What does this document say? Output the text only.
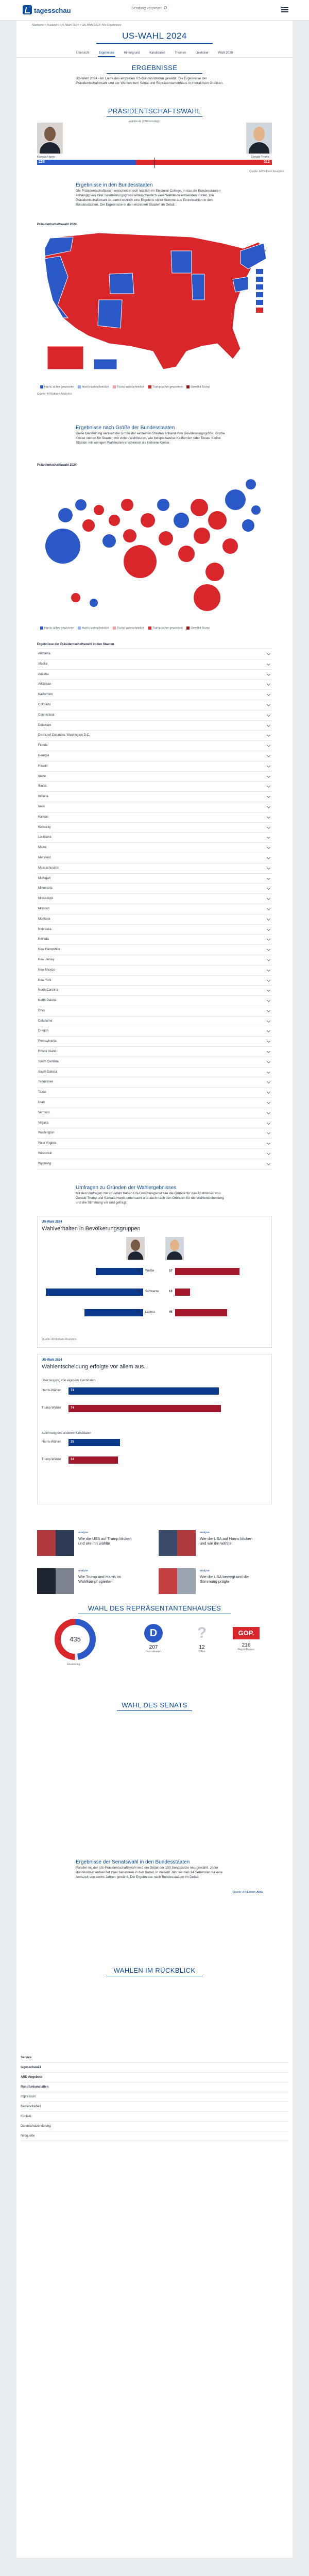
tagesschau	Sendung verpasst?
Startseite > Ausland > US-Wahl 2024 > US-Wahl 2024: Alle Ergebnisse
US-WAHL 2024
Übersicht	Ergebnisse	Hintergrund	Kandidaten	Themen	Liveticker	Wahl 2020
ERGEBNISSE
US-Wahl 2024 - Im Laufe des einzelnen US-Bundesstaaten gewählt. Die Ergebnisse der Präsidentschaftswahl und der Wahlen zum Senat und Repräsentantenhaus in interaktiven Grafiken.
PRÄSIDENTSCHAFTSWAHL
Wahlleute (270 benötigt)
Kamala Harris	Donald Trump
226	312
Quelle: AP/Edison Analytics
Ergebnisse in den Bundesstaaten
Die Präsidentschaftswahl entscheidet sich letztlich im Electoral College, in das die Bundesstaaten abhängig von ihrer Bevölkerungsgröße unterschiedlich viele Wahlleute entsenden dürfen. Die Präsidentschaftswahl ist damit letztlich eine Ergebnis vieler Summe aus Einzelwahlen in den Bundesstaaten. Die Ergebnisse in den einzelnen Staaten im Detail:
Präsidentschaftswahl 2024
Harris sicher gewonnen	Harris wahrscheinlich	Trump wahrscheinlich	Trump sicher gewonnen	Gewählt Trump
Quelle: AP/Edison Analytics
Ergebnisse nach Größe der Bundesstaaten
Diese Darstellung verzerrt die Größe der einzelnen Staaten anhand ihrer Bevölkerungsgröße. Große Kreise stehen für Staaten mit vielen Wahlleuten, wie beispielsweise Kalifornien oder Texas. Kleine Staaten mit wenigen Wahlleuten erscheinen als kleinere Kreise.
Präsidentschaftswahl 2024
Harris sicher gewonnen	Harris wahrscheinlich	Trump wahrscheinlich	Trump sicher gewonnen	Gewählt Trump
Ergebnisse der Präsidentschaftswahl in den Staaten
Alabama
Alaska
Arizona
Arkansas
Kalifornien
Colorado
Connecticut
Delaware
District of Columbia, Washington D.C.
Florida
Georgia
Hawaii
Idaho
Illinois
Indiana
Iowa
Kansas
Kentucky
Louisiana
Maine
Maryland
Massachusetts
Michigan
Minnesota
Mississippi
Missouri
Montana
Nebraska
Nevada
New Hampshire
New Jersey
New Mexico
New York
North Carolina
North Dakota
Ohio
Oklahoma
Oregon
Pennsylvania
Rhode Island
South Carolina
South Dakota
Tennessee
Texas
Utah
Vermont
Virginia
Washington
West Virginia
Wisconsin
Wyoming
Umfragen zu Gründen der Wahlergebnisses
Mit den Umfragen zur US-Wahl haben US-Forschungsinstitute die Gründe für das Abstimmen von Donald Trump und Kamala Harris untersucht und auch nach den Gründen für die Wahlentscheidung und die Stimmung vor und gefragt.
US-Wahl 2024
Wahlverhalten in Bevölkerungsgruppen
Weiße
42	57
Schwarze
86	13
Latinos
52	46
Quelle: AP/Edison Analytics
US-Wahl 2024
Wahlentscheidung erfolgte vor allem aus...
Überzeugung von eigenem Kandidaten
Harris-Wähler	73
Trump-Wähler	74
Ablehnung des anderen Kandidaten
Harris-Wähler	25
Trump-Wähler	24
analyse
Wie die USA auf Trump blicken und wie ihn wählte
analyse
Wie die USA auf Harris blicken und wie ihn wählte
analyse
Wie Trump und Harris im Wahlkampf agierten
analyse
Wie die USA bewegt und die Stimmung prägte
WAHL DES REPRÄSENTANTENHAUSES
435
Abstimmig
D
207
Demokraten
?
12
Offen
GOP.
216
Republikaner
WAHL DES SENATS
Ergebnisse der Senatswahl in den Bundesstaaten
Parallel mit der US-Präsidentschaftswahl wird ein Drittel der 100 Senatssitze neu gewählt. Jeder Bundesstaat entsendet zwei Senatoren in den Senat. In diesem Jahr werden 34 Senatoren für eine Amtszeit von sechs Jahren gewählt. Die Ergebnisse nach Bundesstaaten im Detail:
Quelle: AP/Edison ARD
WAHLEN IM RÜCKBLICK
Service
tagesschau24
ARD Angebote
Rundfunkanstalten
Impressum
Barrierefreiheit
Kontakt
Datenschutzerklärung
Netiquette
